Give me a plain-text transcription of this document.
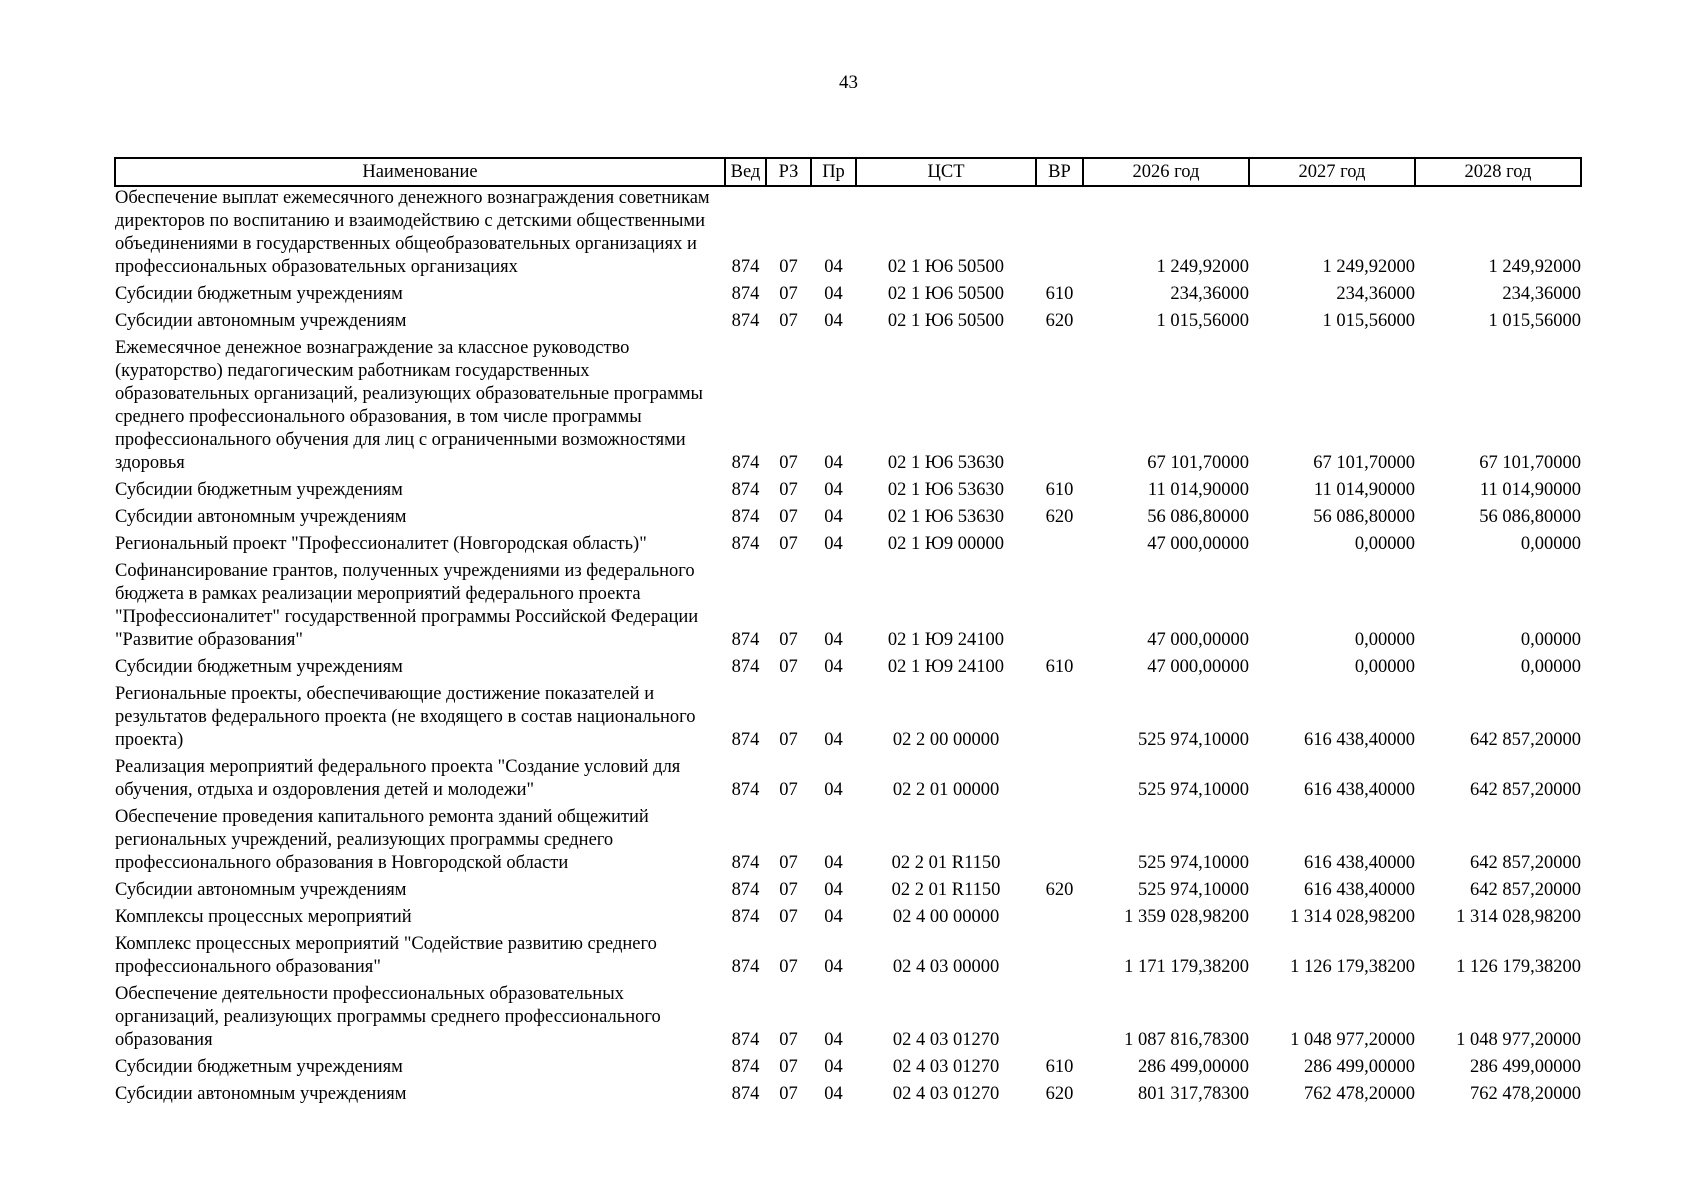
43
Наименование	Вед	РЗ	Пр	ЦСТ	ВР	2026 год	2027 год	2028 год
Обеспечение выплат ежемесячного денежного вознаграждения советникам директоров по воспитанию и взаимодействию с детскими общественными объединениями в государственных общеобразовательных организациях и профессиональных образовательных организациях	874	07	04	02 1 Ю6 50500		1 249,92000	1 249,92000	1 249,92000
Субсидии бюджетным учреждениям	874	07	04	02 1 Ю6 50500	610	234,36000	234,36000	234,36000
Субсидии автономным учреждениям	874	07	04	02 1 Ю6 50500	620	1 015,56000	1 015,56000	1 015,56000
Ежемесячное денежное вознаграждение за классное руководство (кураторство) педагогическим работникам государственных образовательных организаций, реализующих образовательные программы среднего профессионального образования, в том числе программы профессионального обучения для лиц с ограниченными возможностями здоровья	874	07	04	02 1 Ю6 53630		67 101,70000	67 101,70000	67 101,70000
Субсидии бюджетным учреждениям	874	07	04	02 1 Ю6 53630	610	11 014,90000	11 014,90000	11 014,90000
Субсидии автономным учреждениям	874	07	04	02 1 Ю6 53630	620	56 086,80000	56 086,80000	56 086,80000
Региональный проект "Профессионалитет (Новгородская область)"	874	07	04	02 1 Ю9 00000		47 000,00000	0,00000	0,00000
Софинансирование грантов, полученных учреждениями из федерального бюджета в рамках реализации мероприятий федерального проекта "Профессионалитет" государственной программы Российской Федерации "Развитие образования"	874	07	04	02 1 Ю9 24100		47 000,00000	0,00000	0,00000
Субсидии бюджетным учреждениям	874	07	04	02 1 Ю9 24100	610	47 000,00000	0,00000	0,00000
Региональные проекты, обеспечивающие достижение показателей и результатов федерального проекта (не входящего в состав национального проекта)	874	07	04	02 2 00 00000		525 974,10000	616 438,40000	642 857,20000
Реализация мероприятий федерального проекта "Создание условий для обучения, отдыха и оздоровления детей и молодежи"	874	07	04	02 2 01 00000		525 974,10000	616 438,40000	642 857,20000
Обеспечение проведения капитального ремонта зданий общежитий региональных учреждений, реализующих программы среднего профессионального образования в Новгородской области	874	07	04	02 2 01 R1150		525 974,10000	616 438,40000	642 857,20000
Субсидии автономным учреждениям	874	07	04	02 2 01 R1150	620	525 974,10000	616 438,40000	642 857,20000
Комплексы процессных мероприятий	874	07	04	02 4 00 00000		1 359 028,98200	1 314 028,98200	1 314 028,98200
Комплекс процессных мероприятий "Содействие развитию среднего профессионального образования"	874	07	04	02 4 03 00000		1 171 179,38200	1 126 179,38200	1 126 179,38200
Обеспечение деятельности профессиональных образовательных организаций, реализующих программы среднего профессионального образования	874	07	04	02 4 03 01270		1 087 816,78300	1 048 977,20000	1 048 977,20000
Субсидии бюджетным учреждениям	874	07	04	02 4 03 01270	610	286 499,00000	286 499,00000	286 499,00000
Субсидии автономным учреждениям	874	07	04	02 4 03 01270	620	801 317,78300	762 478,20000	762 478,20000
